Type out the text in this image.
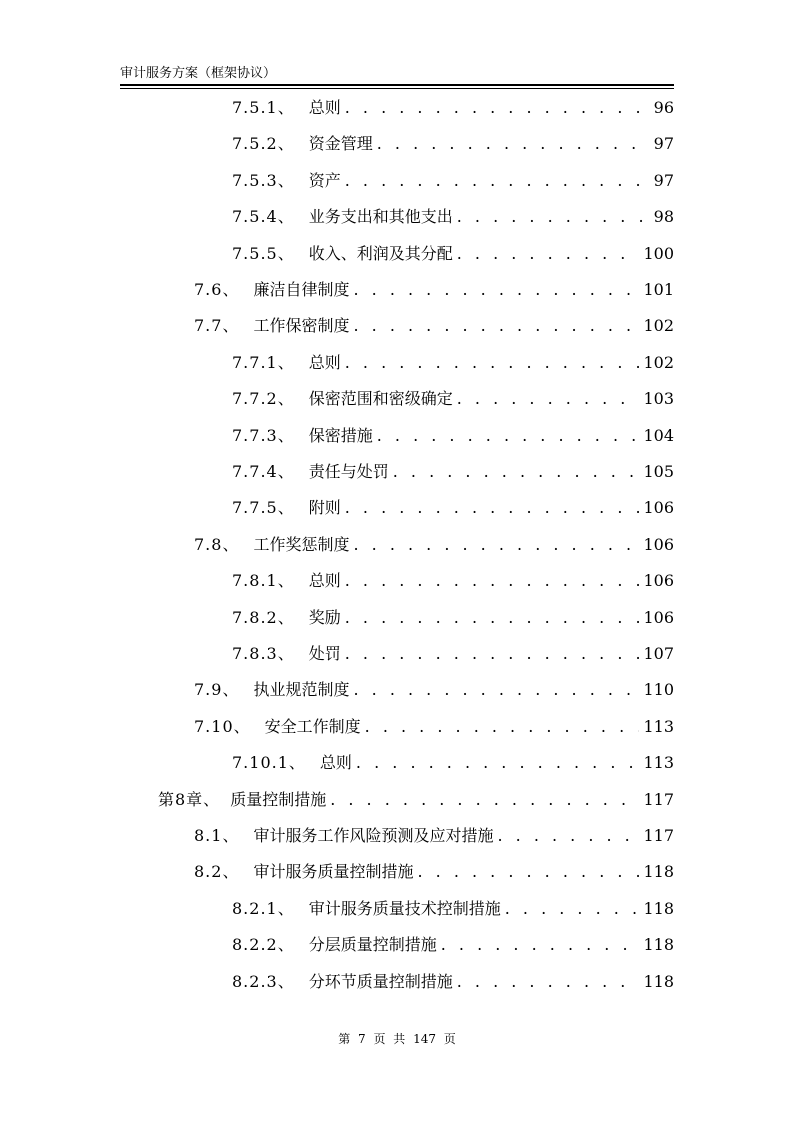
审计服务方案（框架协议）
7.5.1、 总则 . . .	96
7.5.2、 资金管理 . . .	97
7.5.3、 资产 . . .	97
7.5.4、 业务支出和其他支出 . . .	98
7.5.5、 收入、利润及其分配 . . .	100
7.6、 廉洁自律制度 . . .	101
7.7、 工作保密制度 . . .	102
7.7.1、 总则 . . .	102
7.7.2、 保密范围和密级确定 . . .	103
7.7.3、 保密措施 . . .	104
7.7.4、 责任与处罚 . . .	105
7.7.5、 附则 . . .	106
7.8、 工作奖惩制度 . . .	106
7.8.1、 总则 . . .	106
7.8.2、 奖励 . . .	106
7.8.3、 处罚 . . .	107
7.9、 执业规范制度 . . .	110
7.10、 安全工作制度 . . .	113
7.10.1、 总则 . . .	113
第8章、 质量控制措施 . . .	117
8.1、 审计服务工作风险预测及应对措施 . . .	117
8.2、 审计服务质量控制措施 . . .	118
8.2.1、 审计服务质量技术控制措施 . . .	118
8.2.2、 分层质量控制措施 . . .	118
8.2.3、 分环节质量控制措施 . . .	118
第 7 页 共 147 页
